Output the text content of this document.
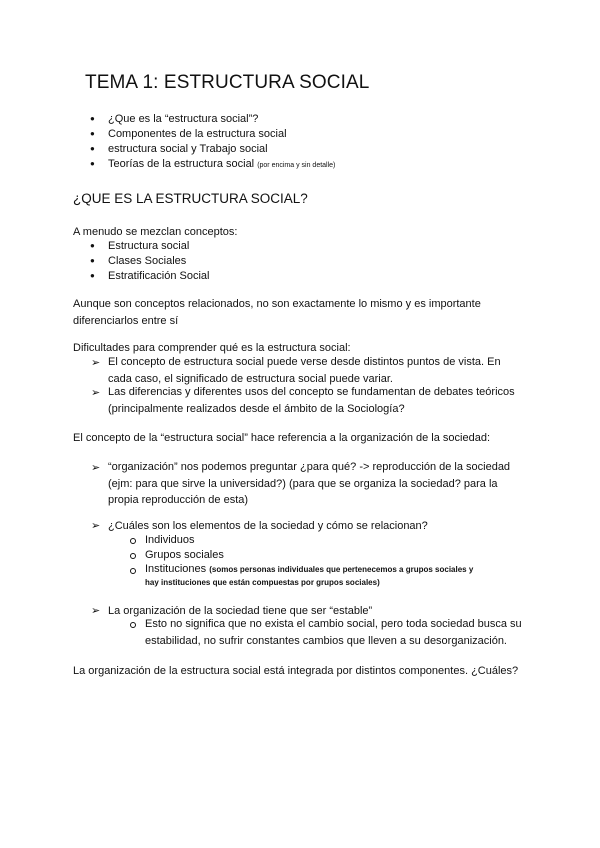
TEMA 1: ESTRUCTURA SOCIAL
● ¿Que es la “estructura social”?
● Componentes de la estructura social
● estructura social y Trabajo social
● Teorías de la estructura social (por encima y sin detalle)
¿QUE ES LA ESTRUCTURA SOCIAL?
A menudo se mezclan conceptos:
● Estructura social
● Clases Sociales
● Estratificación Social
Aunque son conceptos relacionados, no son exactamente lo mismo y es importante diferenciarlos entre sí
Dificultades para comprender qué es la estructura social:
➢ El concepto de estructura social puede verse desde distintos puntos de vista. En cada caso, el significado de estructura social puede variar.
➢ Las diferencias y diferentes usos del concepto se fundamentan de debates teóricos (principalmente realizados desde el ámbito de la Sociología?
El concepto de la “estructura social” hace referencia a la organización de la sociedad:
➢ “organización” nos podemos preguntar ¿para qué? -> reproducción de la sociedad (ejm: para que sirve la universidad?) (para que se organiza la sociedad? para la propia reproducción de esta)
➢ ¿Cuáles son los elementos de la sociedad y cómo se relacionan?
Individuos
Grupos sociales
Instituciones (somos personas individuales que pertenecemos a grupos sociales y hay instituciones que están compuestas por grupos sociales)
➢ La organización de la sociedad tiene que ser “estable”
Esto no significa que no exista el cambio social, pero toda sociedad busca su estabilidad, no sufrir constantes cambios que lleven a su desorganización.
La organización de la estructura social está integrada por distintos componentes. ¿Cuáles?
